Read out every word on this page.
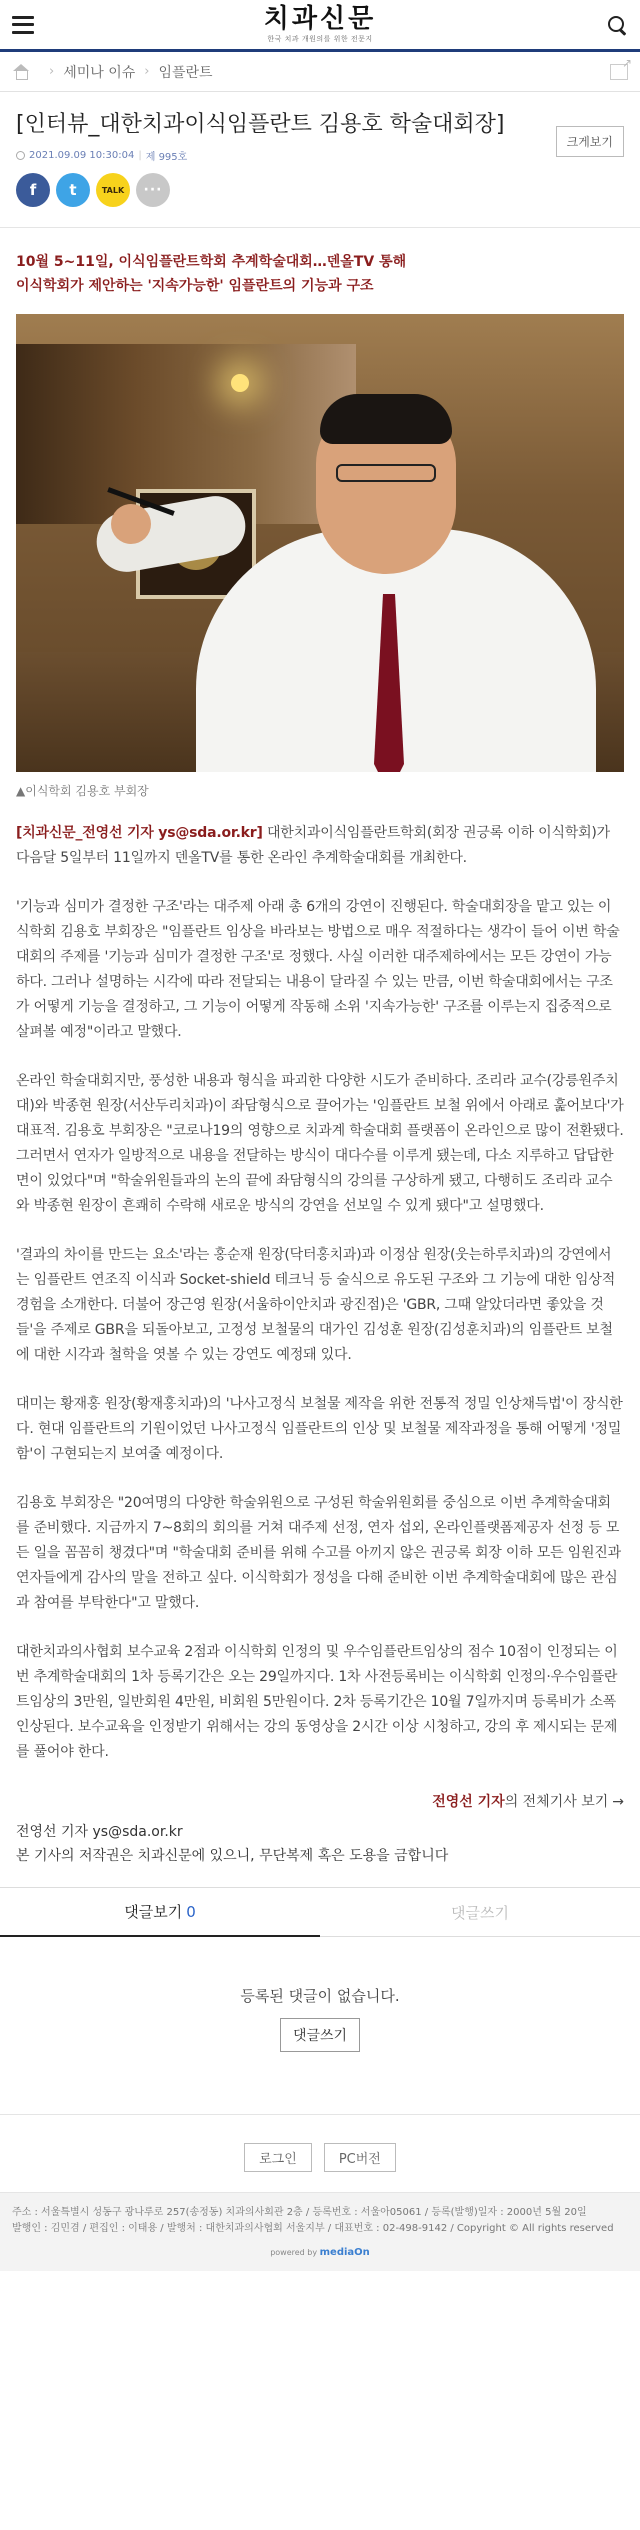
치과신문
한국 치과 개원의를 위한 전문지
› 세미나 이슈 › 임플란트
↗
[인터뷰_대한치과이식임플란트 김용호 학술대회장]
2021.09.09 10:30:04 | 제 995호
크게보기
f	t	TALK	···
10월 5~11일, 이식임플란트학회 추계학술대회…덴올TV 통해
이식학회가 제안하는 '지속가능한' 임플란트의 기능과 구조
▲이식학회 김용호 부회장

[치과신문_전영선 기자 ys@sda.or.kr] 대한치과이식임플란트학회(회장 권긍록 이하 이식학회)가 다음달 5일부터 11일까지 덴올TV를 통한 온라인 추계학술대회를 개최한다.

'기능과 심미가 결정한 구조'라는 대주제 아래 총 6개의 강연이 진행된다. 학술대회장을 맡고 있는 이식학회 김용호 부회장은 "임플란트 임상을 바라보는 방법으로 매우 적절하다는 생각이 들어 이번 학술대회의 주제를 '기능과 심미가 결정한 구조'로 정했다. 사실 이러한 대주제하에서는 모든 강연이 가능하다. 그러나 설명하는 시각에 따라 전달되는 내용이 달라질 수 있는 만큼, 이번 학술대회에서는 구조가 어떻게 기능을 결정하고, 그 기능이 어떻게 작동해 소위 '지속가능한' 구조를 이루는지 집중적으로 살펴볼 예정"이라고 말했다.

온라인 학술대회지만, 풍성한 내용과 형식을 파괴한 다양한 시도가 준비하다. 조리라 교수(강릉원주치대)와 박종현 원장(서산두리치과)이 좌담형식으로 끌어가는 '임플란트 보철 위에서 아래로 훑어보다'가 대표적. 김용호 부회장은 "코로나19의 영향으로 치과계 학술대회 플랫폼이 온라인으로 많이 전환됐다. 그러면서 연자가 일방적으로 내용을 전달하는 방식이 대다수를 이루게 됐는데, 다소 지루하고 답답한 면이 있었다"며 "학술위원들과의 논의 끝에 좌담형식의 강의를 구상하게 됐고, 다행히도 조리라 교수와 박종현 원장이 흔쾌히 수락해 새로운 방식의 강연을 선보일 수 있게 됐다"고 설명했다.

'결과의 차이를 만드는 요소'라는 홍순재 원장(닥터홍치과)과 이정삼 원장(웃는하루치과)의 강연에서는 임플란트 연조직 이식과 Socket-shield 테크닉 등 술식으로 유도된 구조와 그 기능에 대한 임상적 경험을 소개한다. 더불어 장근영 원장(서울하이안치과 광진점)은 'GBR, 그때 알았더라면 좋았을 것들'을 주제로 GBR을 되돌아보고, 고정성 보철물의 대가인 김성훈 원장(김성훈치과)의 임플란트 보철에 대한 시각과 철학을 엿볼 수 있는 강연도 예정돼 있다.

대미는 황재홍 원장(황재홍치과)의 '나사고정식 보철물 제작을 위한 전통적 정밀 인상채득법'이 장식한다. 현대 임플란트의 기원이었던 나사고정식 임플란트의 인상 및 보철물 제작과정을 통해 어떻게 '정밀함'이 구현되는지 보여줄 예정이다.

김용호 부회장은 "20여명의 다양한 학술위원으로 구성된 학술위원회를 중심으로 이번 추계학술대회를 준비했다. 지금까지 7~8회의 회의를 거쳐 대주제 선정, 연자 섭외, 온라인플랫폼제공자 선정 등 모든 일을 꼼꼼히 챙겼다"며 "학술대회 준비를 위해 수고를 아끼지 않은 권긍록 회장 이하 모든 임원진과 연자들에게 감사의 말을 전하고 싶다. 이식학회가 정성을 다해 준비한 이번 추계학술대회에 많은 관심과 참여를 부탁한다"고 말했다.

대한치과의사협회 보수교육 2점과 이식학회 인정의 및 우수임플란트임상의 점수 10점이 인정되는 이번 추계학술대회의 1차 등록기간은 오는 29일까지다. 1차 사전등록비는 이식학회 인정의·우수임플란트임상의 3만원, 일반회원 4만원, 비회원 5만원이다. 2차 등록기간은 10월 7일까지며 등록비가 소폭 인상된다. 보수교육을 인정받기 위해서는 강의 동영상을 2시간 이상 시청하고, 강의 후 제시되는 문제를 풀어야 한다.

전영선 기자의 전체기사 보기 →
전영선 기자 ys@sda.or.kr
본 기사의 저작권은 치과신문에 있으니, 무단복제 혹은 도용을 금합니다
댓글보기 0	댓글쓰기
등록된 댓글이 없습니다.
댓글쓰기
로그인	PC버전
주소 : 서울특별시 성동구 광나루로 257(송정동) 치과의사회관 2층 / 등록번호 : 서울아05061 / 등록(발행)일자 : 2000년 5월 20일
발행인 : 김민겸 / 편집인 : 이태용 / 발행처 : 대한치과의사협회 서울지부 / 대표번호 : 02-498-9142 / Copyright © All rights reserved
powered by mediaOn
